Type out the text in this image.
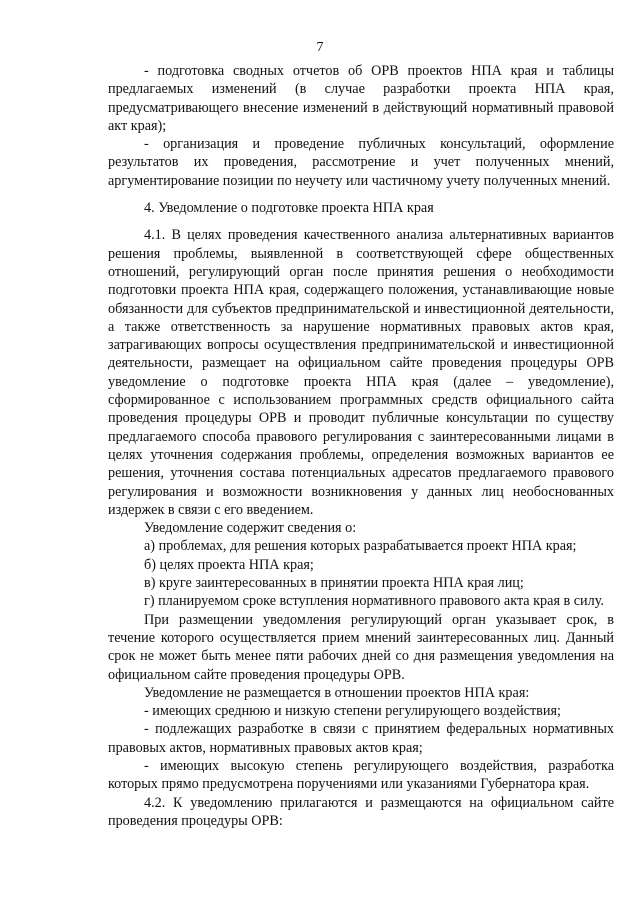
7

- подготовка сводных отчетов об ОРВ проектов НПА края и таблицы предлагаемых изменений (в случае разработки проекта НПА края, предусматривающего внесение изменений в действующий нормативный правовой акт края);

- организация и проведение публичных консультаций, оформление результатов их проведения, рассмотрение и учет полученных мнений, аргументирование позиции по неучету или частичному учету полученных мнений.

4. Уведомление о подготовке проекта НПА края

4.1. В целях проведения качественного анализа альтернативных вариантов решения проблемы, выявленной в соответствующей сфере общественных отношений, регулирующий орган после принятия решения о необходимости подготовки проекта НПА края, содержащего положения, устанавливающие новые обязанности для субъектов предпринимательской и инвестиционной деятельности, а также ответственность за нарушение нормативных правовых актов края, затрагивающих вопросы осуществления предпринимательской и инвестиционной деятельности, размещает на официальном сайте проведения процедуры ОРВ уведомление о подготовке проекта НПА края (далее – уведомление), сформированное с использованием программных средств официального сайта проведения процедуры ОРВ и проводит публичные консультации по существу предлагаемого способа правового регулирования с заинтересованными лицами в целях уточнения содержания проблемы, определения возможных вариантов ее решения, уточнения состава потенциальных адресатов предлагаемого правового регулирования и возможности возникновения у данных лиц необоснованных издержек в связи с его введением.

Уведомление содержит сведения о:

а) проблемах, для решения которых разрабатывается проект НПА края;

б) целях проекта НПА края;

в) круге заинтересованных в принятии проекта НПА края лиц;

г) планируемом сроке вступления нормативного правового акта края в силу.

При размещении уведомления регулирующий орган указывает срок, в течение которого осуществляется прием мнений заинтересованных лиц. Данный срок не может быть менее пяти рабочих дней со дня размещения уведомления на официальном сайте проведения процедуры ОРВ.

Уведомление не размещается в отношении проектов НПА края:

- имеющих среднюю и низкую степени регулирующего воздействия;

- подлежащих разработке в связи с принятием федеральных нормативных правовых актов, нормативных правовых актов края;

- имеющих высокую степень регулирующего воздействия, разработка которых прямо предусмотрена поручениями или указаниями Губернатора края.

4.2. К уведомлению прилагаются и размещаются на официальном сайте проведения процедуры ОРВ:
